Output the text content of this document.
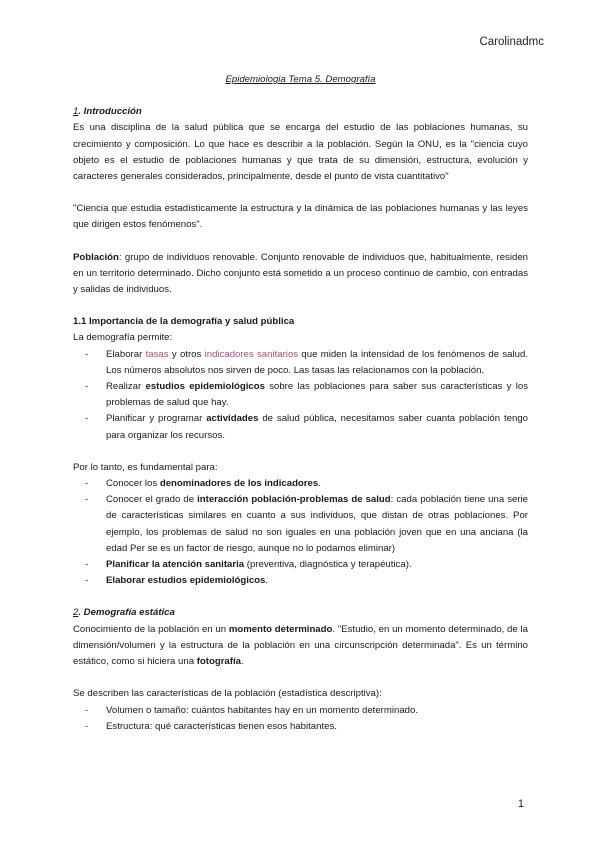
Carolinadmc
Epidemiologia Tema 5. Demografía
1. Introducción

Es una disciplina de la salud pública que se encarga del estudio de las poblaciones humanas, su crecimiento y composición. Lo que hace es describir a la población. Según la ONU, es la "ciencia cuyo objeto es el estudio de poblaciones humanas y que trata de su dimensión, estructura, evolución y caracteres generales considerados, principalmente, desde el punto de vista cuantitativo"

"Ciencia que estudia estadísticamente la estructura y la dinámica de las poblaciones humanas y las leyes que dirigen estos fenómenos".

Población: grupo de individuos renovable. Conjunto renovable de individuos que, habitualmente, residen en un territorio determinado. Dicho conjunto está sometido a un proceso continuo de cambio, con entradas y salidas de individuos.

1.1 Importancia de la demografía y salud pública

La demografía permite:

- Elaborar tasas y otros indicadores sanitarios que miden la intensidad de los fenómenos de salud. Los números absolutos nos sirven de poco. Las tasas las relacionamos con la población.
- Realizar estudios epidemiológicos sobre las poblaciones para saber sus características y los problemas de salud que hay.
- Planificar y programar actividades de salud pública, necesitamos saber cuanta población tengo para organizar los recursos.

Por lo tanto, es fundamental para:

- Conocer los denominadores de los indicadores.
- Conocer el grado de interacción población-problemas de salud: cada población tiene una serie de características similares en cuanto a sus individuos, que distan de otras poblaciones. Por ejemplo, los problemas de salud no son iguales en una población joven que en una anciana (la edad Per se es un factor de riesgo, aunque no lo podamos eliminar)
- Planificar la atención sanitaria (preventiva, diagnóstica y terapéutica).
- Elaborar estudios epidemiológicos.
2. Demografía estática

Conocimiento de la población en un momento determinado. "Estudio, en un momento determinado, de la dimensión/volumen y la estructura de la población en una circunscripción determinada". Es un término estático, como si hiciera una fotografía.

Se describen las características de la población (estadística descriptiva):

- Volumen o tamaño: cuántos habitantes hay en un momento determinado.
- Estructura: qué características tienen esos habitantes.
1
